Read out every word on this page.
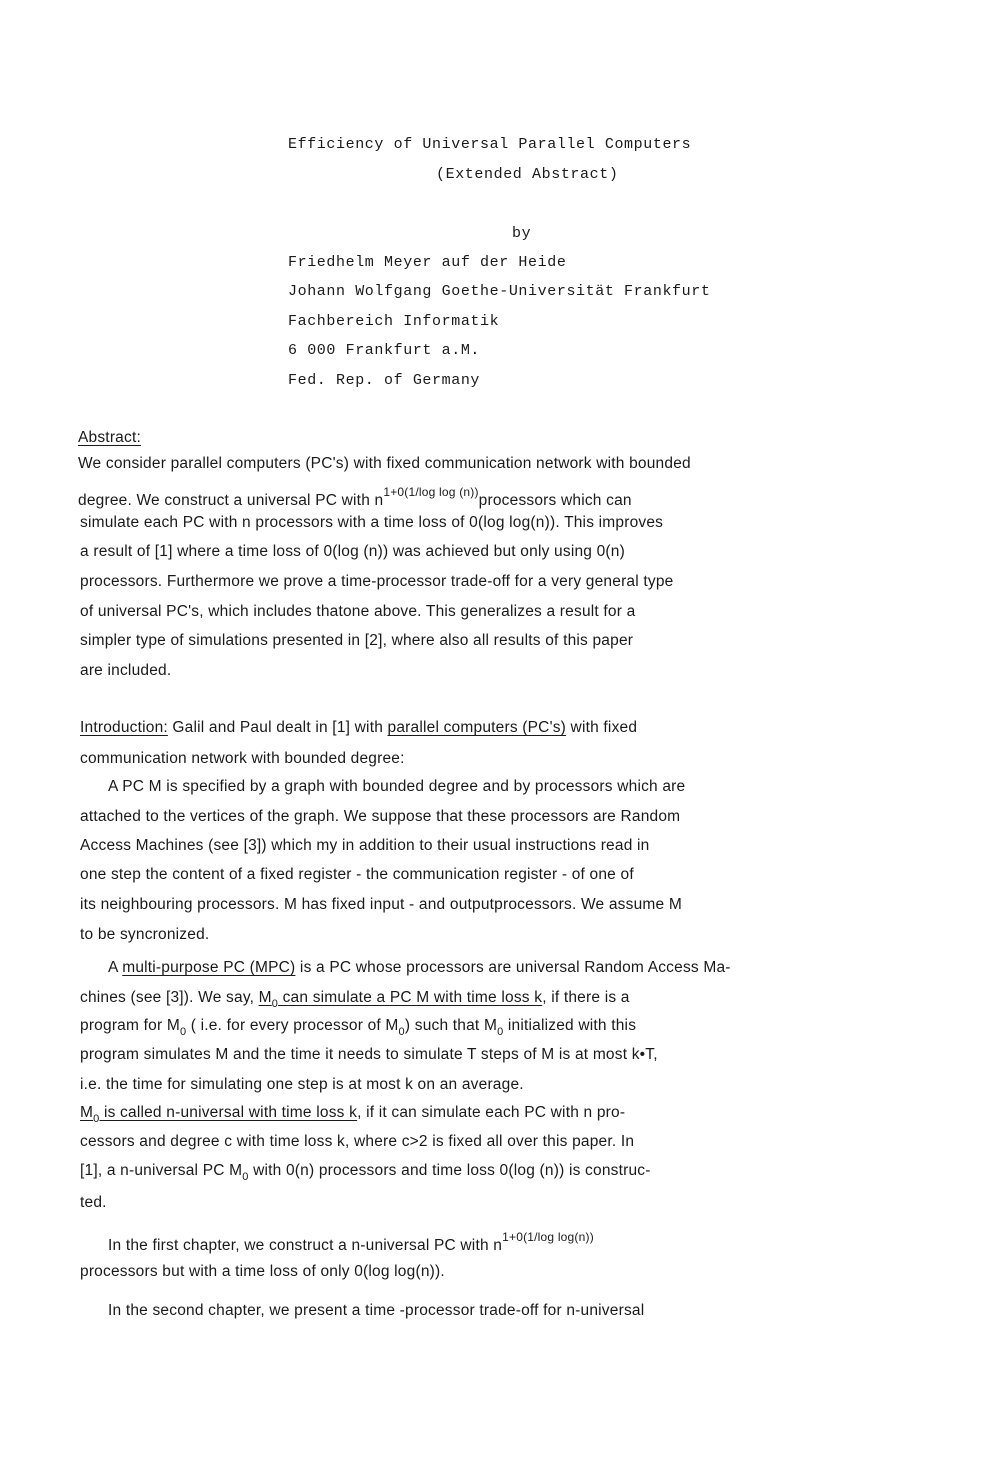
Efficiency of Universal Parallel Computers
(Extended Abstract)
by
Friedhelm Meyer auf der Heide
Johann Wolfgang Goethe-Universität Frankfurt
Fachbereich Informatik
6 000 Frankfurt a.M.
Fed. Rep. of Germany
Abstract:
We consider parallel computers (PC's) with fixed communication network with bounded
degree. We construct a universal PC with $n^{1+0(1/log log (n))}processors$ which can
simulate each PC with n processors with a time loss of 0(log log(n)). This improves
a result of [1] where a time loss of 0(log (n)) was achieved but only using 0(n)
processors. Furthermore we prove a time-processor trade-off for a very general type
of universal PC's, which includes thatone above. This generalizes a result for a
simpler type of simulations presented in [2], where also all results of this paper
are included.
Introduction: Galil and Paul dealt in [1] with parallel computers (PC's) with fixed
communication network with bounded degree:
A PC M is specified by a graph with bounded degree and by processors which are
attached to the vertices of the graph. We suppose that these processors are Random
Access Machines (see [3]) which my in addition to their usual instructions read in
one step the content of a fixed register - the communication register - of one of
its neighbouring processors. M has fixed input - and outputprocessors. We assume M
to be syncronized.
A multi-purpose PC (MPC) is a PC whose processors are universal Random Access Ma-
chines (see [3]). We say, $M_0$ can simulate a PC M with time loss k, if there is a
program for $M_0$ ( i.e. for every processor of $M_0$) such that $M_0$ initialized with this
program simulates M and the time it needs to simulate T steps of M is at most k•T,
i.e. the time for simulating one step is at most k on an average.
$M_0$ is called n-universal with time loss k, if it can simulate each PC with n pro-
cessors and degree c with time loss k, where c>2 is fixed all over this paper. In
[1], a n-universal PC $M_0$ with 0(n) processors and time loss 0(log (n)) is construc-
ted.
In the first chapter, we construct a n-universal PC with $n^{1+0(1/log log(n))}$
processors but with a time loss of only 0(log log(n)).
In the second chapter, we present a time -processor trade-off for n-universal
